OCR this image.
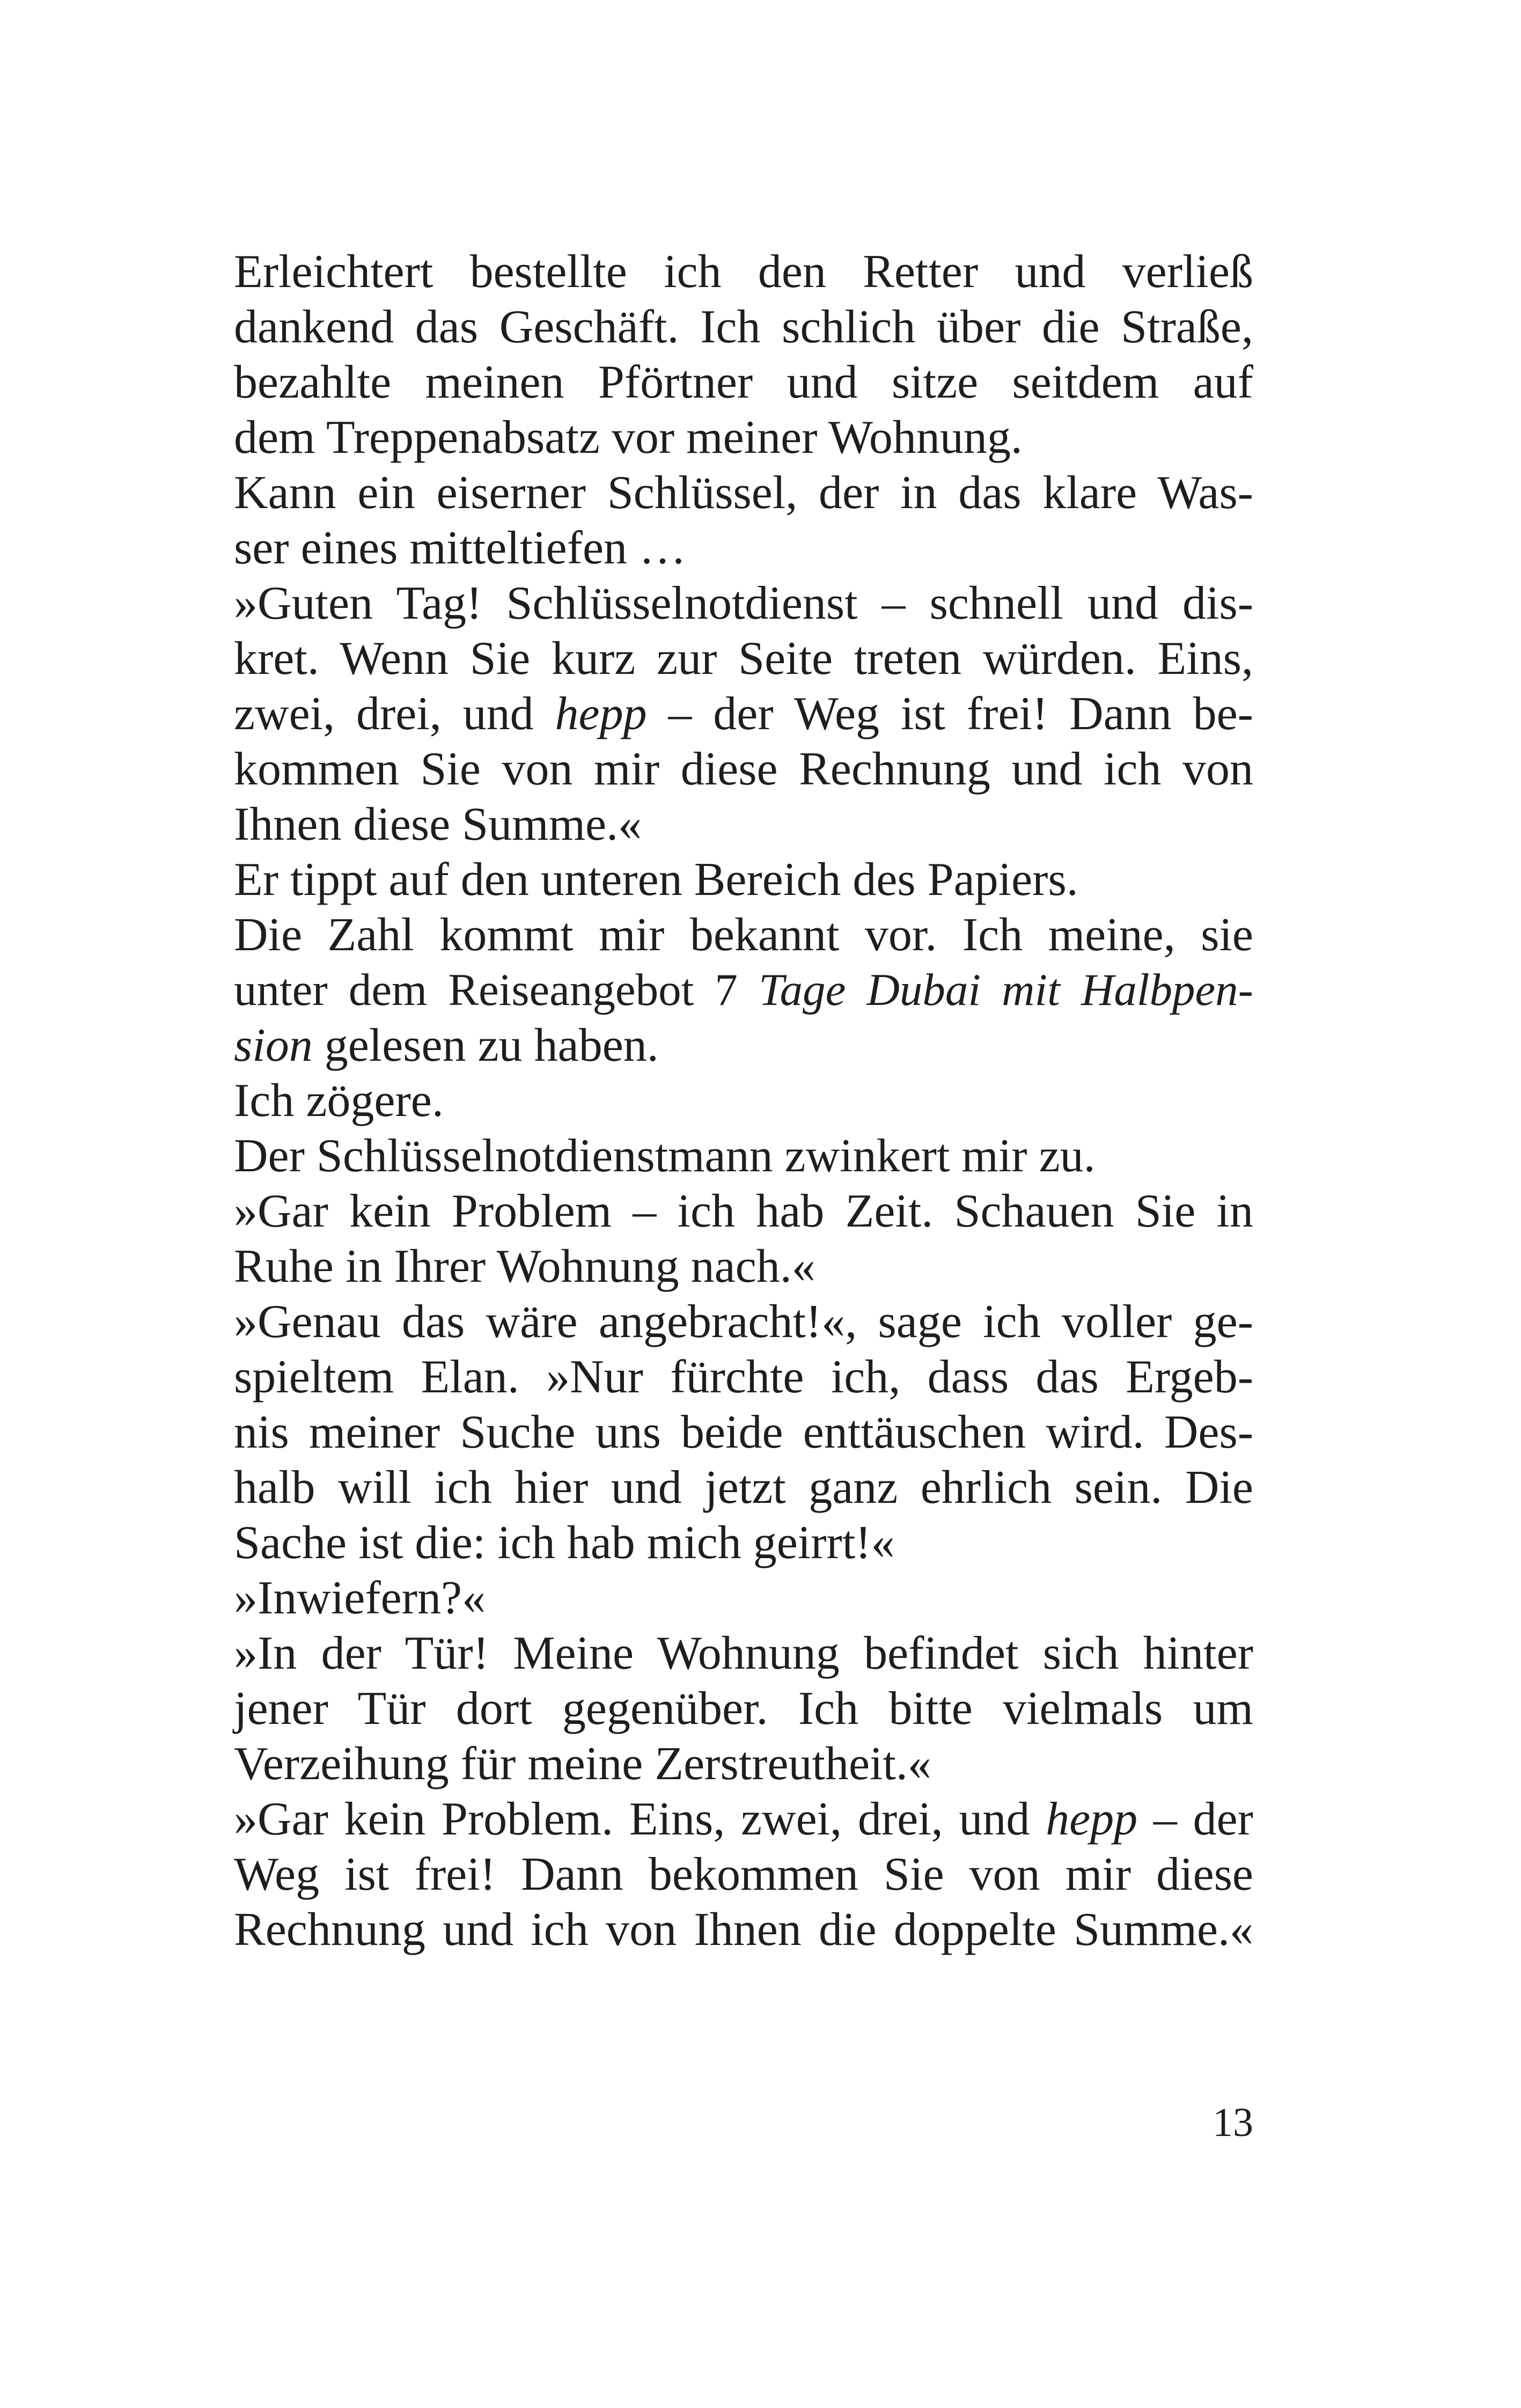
Erleichtert bestellte ich den Retter und verließ
dankend das Geschäft. Ich schlich über die Straße,
bezahlte meinen Pförtner und sitze seitdem auf
dem Treppenabsatz vor meiner Wohnung.
Kann ein eiserner Schlüssel, der in das klare Was-
ser eines mitteltiefen …
»Guten Tag! Schlüsselnotdienst – schnell und dis-
kret. Wenn Sie kurz zur Seite treten würden. Eins,
zwei, drei, und hepp – der Weg ist frei! Dann be-
kommen Sie von mir diese Rechnung und ich von
Ihnen diese Summe.«
Er tippt auf den unteren Bereich des Papiers.
Die Zahl kommt mir bekannt vor. Ich meine, sie
unter dem Reiseangebot 7 Tage Dubai mit Halbpen-
sion gelesen zu haben.
Ich zögere.
Der Schlüsselnotdienstmann zwinkert mir zu.
»Gar kein Problem – ich hab Zeit. Schauen Sie in
Ruhe in Ihrer Wohnung nach.«
»Genau das wäre angebracht!«, sage ich voller ge-
spieltem Elan. »Nur fürchte ich, dass das Ergeb-
nis meiner Suche uns beide enttäuschen wird. Des-
halb will ich hier und jetzt ganz ehrlich sein. Die
Sache ist die: ich hab mich geirrt!«
»Inwiefern?«
»In der Tür! Meine Wohnung befindet sich hinter
jener Tür dort gegenüber. Ich bitte vielmals um
Verzeihung für meine Zerstreutheit.«
»Gar kein Problem. Eins, zwei, drei, und hepp – der
Weg ist frei! Dann bekommen Sie von mir diese
Rechnung und ich von Ihnen die doppelte Summe.«
13
